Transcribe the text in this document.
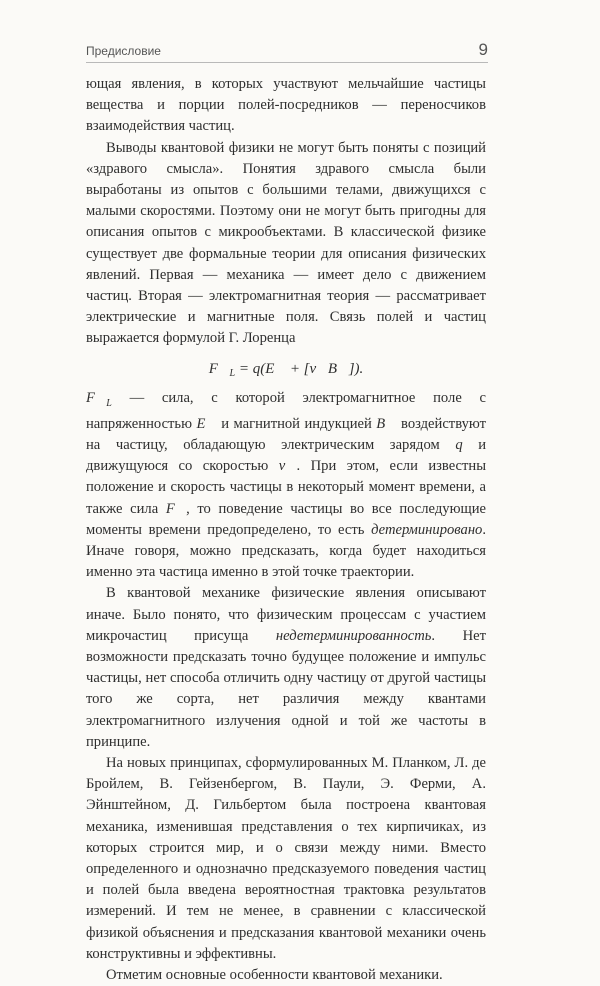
Предисловие	9

ющая явления, в которых участвуют мельчайшие частицы вещества и порции полей-посредников — переносчиков взаимодействия частиц.

Выводы квантовой физики не могут быть поняты с позиций «здравого смысла». Понятия здравого смысла были выработаны из опытов с большими телами, движущихся с малыми скоростями. Поэтому они не могут быть пригодны для описания опытов с микрообъектами. В классической физике существует две формальные теории для описания физических явлений. Первая — механика — имеет дело с движением частиц. Вторая — электромагнитная теория — рассматривает электрические и магнитные поля. Связь полей и частиц выражается формулой Г. Лоренца

$F_L = q(E + [vB])$.

$F_L$ — сила, с которой электромагнитное поле с напряженностью E и магнитной индукцией B воздействуют на частицу, обладающую электрическим зарядом q и движущуюся со скоростью v. При этом, если известны положение и скорость частицы в некоторый момент времени, а также сила F, то поведение частицы во все последующие моменты времени предопределено, то есть детерминировано. Иначе говоря, можно предсказать, когда будет находиться именно эта частица именно в этой точке траектории.

В квантовой механике физические явления описывают иначе. Было понято, что физическим процессам с участием микрочастиц присуща недетерминированность. Нет возможности предсказать точно будущее положение и импульс частицы, нет способа отличить одну частицу от другой частицы того же сорта, нет различия между квантами электромагнитного излучения одной и той же частоты в принципе.

На новых принципах, сформулированных М. Планком, Л. де Бройлем, В. Гейзенбергом, В. Паули, Э. Ферми, А. Эйнштейном, Д. Гильбертом была построена квантовая механика, изменившая представления о тех кирпичиках, из которых строится мир, и о связи между ними. Вместо определенного и однозначно предсказуемого поведения частиц и полей была введена вероятностная трактовка результатов измерений. И тем не менее, в сравнении с классической физикой объяснения и предсказания квантовой механики очень конструктивны и эффективны.

Отметим основные особенности квантовой механики.
